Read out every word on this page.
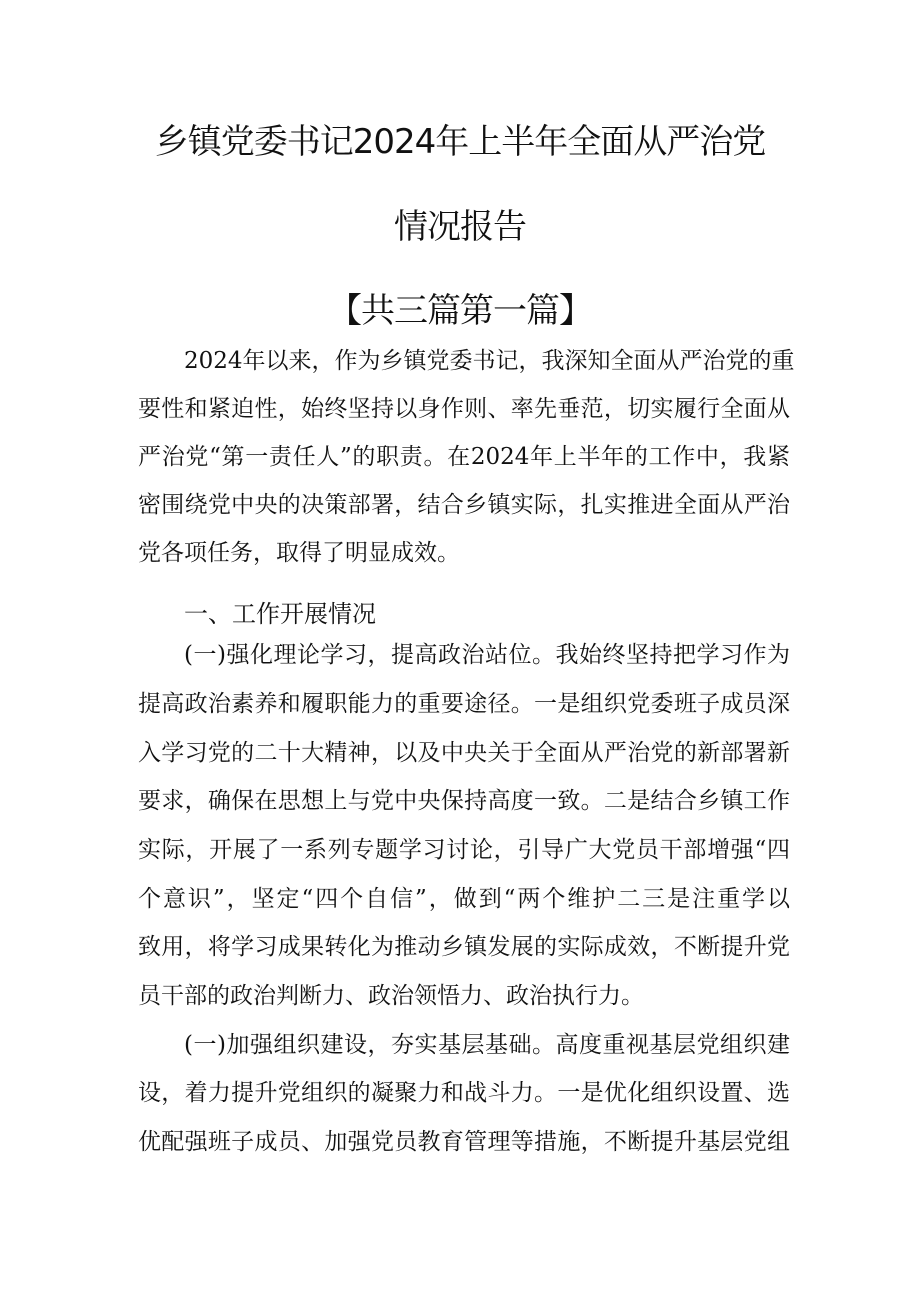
乡镇党委书记2024年上半年全面从严治党
情况报告
【共三篇第一篇】
2024年以来，作为乡镇党委书记，我深知全面从严治党的重
要性和紧迫性，始终坚持以身作则、率先垂范，切实履行全面从
严治党“第一责任人”的职责。在2024年上半年的工作中，我紧
密围绕党中央的决策部署，结合乡镇实际，扎实推进全面从严治
党各项任务，取得了明显成效。
一、工作开展情况
(一)强化理论学习，提高政治站位。我始终坚持把学习作为
提高政治素养和履职能力的重要途径。一是组织党委班子成员深
入学习党的二十大精神，以及中央关于全面从严治党的新部署新
要求，确保在思想上与党中央保持高度一致。二是结合乡镇工作
实际，开展了一系列专题学习讨论，引导广大党员干部增强“四
个意识”，坚定“四个自信”，做到“两个维护二三是注重学以
致用，将学习成果转化为推动乡镇发展的实际成效，不断提升党
员干部的政治判断力、政治领悟力、政治执行力。
(一)加强组织建设，夯实基层基础。高度重视基层党组织建
设，着力提升党组织的凝聚力和战斗力。一是优化组织设置、选
优配强班子成员、加强党员教育管理等措施，不断提升基层党组
